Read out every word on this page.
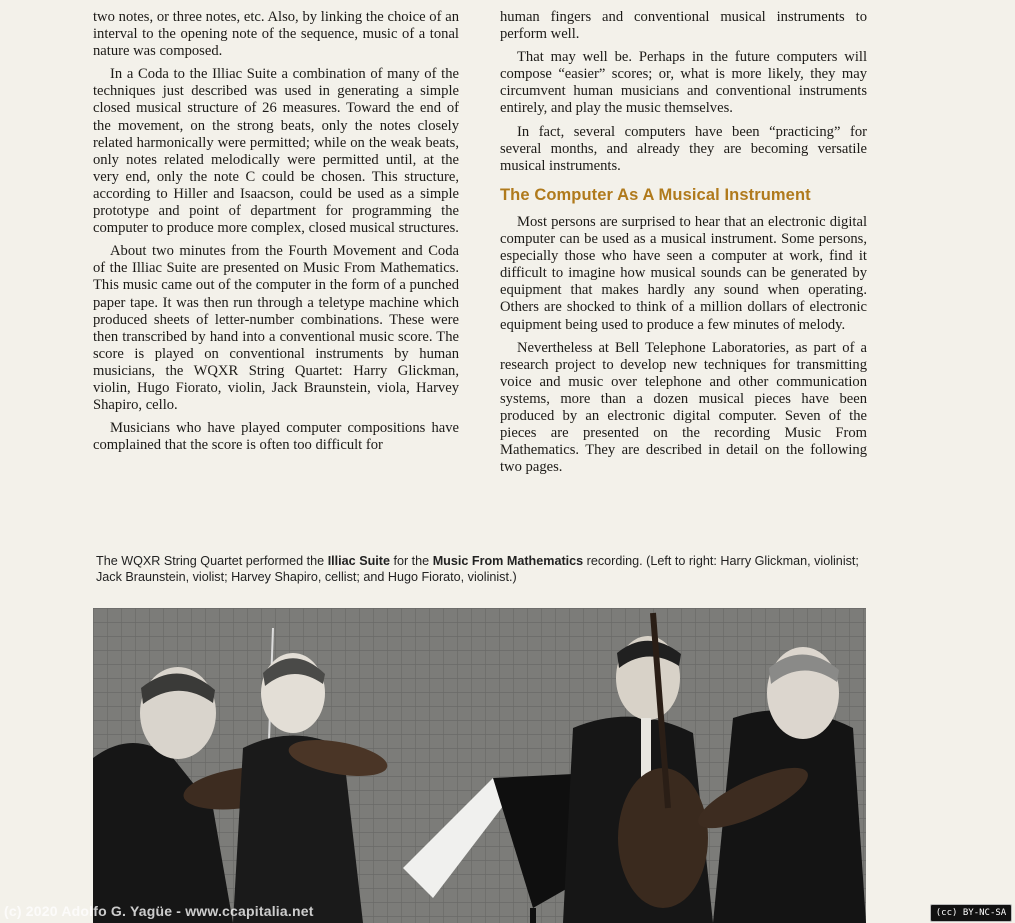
two notes, or three notes, etc. Also, by linking the choice of an interval to the opening note of the sequence, music of a tonal nature was composed.

In a Coda to the Illiac Suite a combination of many of the techniques just described was used in generating a simple closed musical structure of 26 measures. Toward the end of the movement, on the strong beats, only the notes closely related harmonically were permitted; while on the weak beats, only notes related melodically were permitted until, at the very end, only the note C could be chosen. This structure, according to Hiller and Isaacson, could be used as a simple prototype and point of department for programming the computer to produce more complex, closed musical structures.

About two minutes from the Fourth Movement and Coda of the Illiac Suite are presented on Music From Mathematics. This music came out of the computer in the form of a punched paper tape. It was then run through a teletype machine which produced sheets of letter-number combinations. These were then transcribed by hand into a conventional music score. The score is played on conventional instruments by human musicians, the WQXR String Quartet: Harry Glickman, violin, Hugo Fiorato, violin, Jack Braunstein, viola, Harvey Shapiro, cello.

Musicians who have played computer compositions have complained that the score is often too difficult for

human fingers and conventional musical instruments to perform well.

That may well be. Perhaps in the future computers will compose “easier” scores; or, what is more likely, they may circumvent human musicians and conventional instruments entirely, and play the music themselves.

In fact, several computers have been “practicing” for several months, and already they are becoming versatile musical instruments.

The Computer As A Musical Instrument

Most persons are surprised to hear that an electronic digital computer can be used as a musical instrument. Some persons, especially those who have seen a computer at work, find it difficult to imagine how musical sounds can be generated by equipment that makes hardly any sound when operating. Others are shocked to think of a million dollars of electronic equipment being used to produce a few minutes of melody.

Nevertheless at Bell Telephone Laboratories, as part of a research project to develop new techniques for transmitting voice and music over telephone and other communication systems, more than a dozen musical pieces have been produced by an electronic digital computer. Seven of the pieces are presented on the recording Music From Mathematics. They are described in detail on the following two pages.

The WQXR String Quartet performed the Illiac Suite for the Music From Mathematics recording. (Left to right: Harry Glickman, violinist; Jack Braunstein, violist; Harvey Shapiro, cellist; and Hugo Fiorato, violinist.)
(c) 2020 Adolfo G. Yagüe - www.ccapitalia.net	(cc) BY-NC-SA
